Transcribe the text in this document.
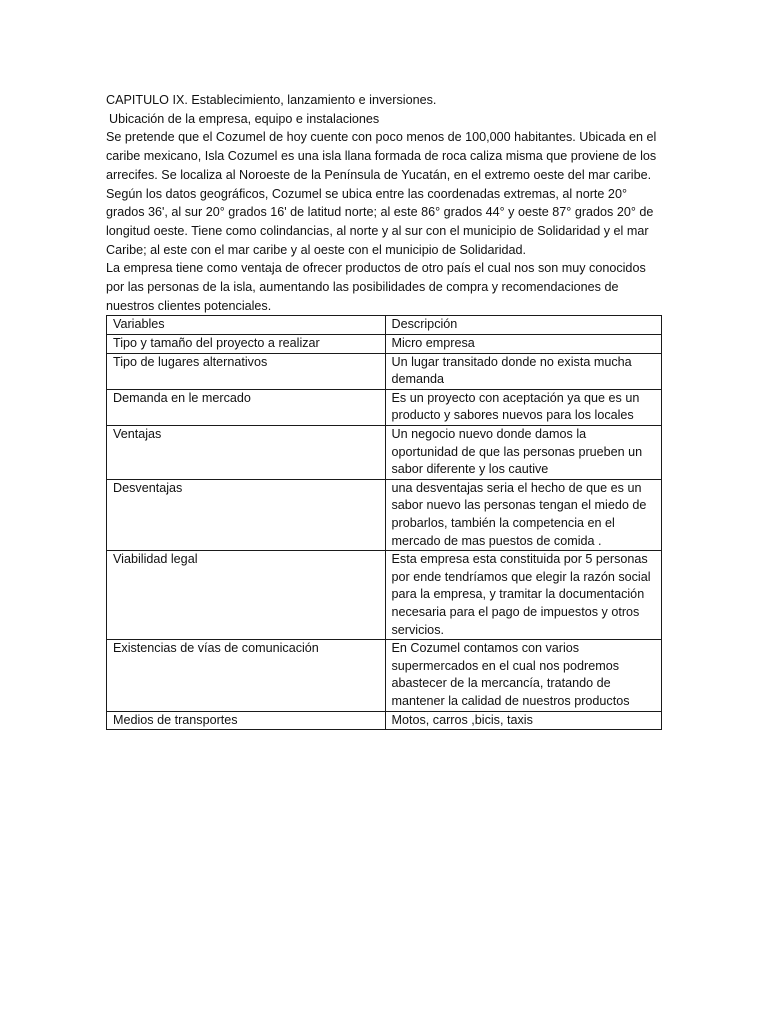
CAPITULO IX. Establecimiento, lanzamiento e inversiones.

Ubicación de la empresa, equipo e instalaciones

Se pretende que el Cozumel de hoy cuente con poco menos de 100,000 habitantes. Ubicada en el caribe mexicano, Isla Cozumel es una isla llana formada de roca caliza misma que proviene de los arrecifes. Se localiza al Noroeste de la Península de Yucatán, en el extremo oeste del mar caribe. Según los datos geográficos, Cozumel se ubica entre las coordenadas extremas, al norte 20° grados 36', al sur 20° grados 16' de latitud norte; al este 86° grados 44° y oeste 87° grados 20° de longitud oeste. Tiene como colindancias, al norte y al sur con el municipio de Solidaridad y el mar Caribe; al este con el mar caribe y al oeste con el municipio de Solidaridad.

La empresa tiene como ventaja de ofrecer productos de otro país el cual nos son muy conocidos por las personas de la isla, aumentando las posibilidades de compra y recomendaciones de nuestros clientes potenciales.

Variables	Descripción
Tipo y tamaño del proyecto a realizar	Micro empresa
Tipo de lugares alternativos	Un lugar transitado donde no exista mucha demanda
Demanda en le mercado	Es un proyecto con aceptación ya que es un producto y sabores nuevos para los locales
Ventajas	Un negocio nuevo donde damos la oportunidad de que las personas prueben un sabor diferente y los cautive
Desventajas	una desventajas seria el hecho de que es un sabor nuevo las personas tengan el miedo de probarlos, también la competencia en el mercado de mas puestos de comida .
Viabilidad legal	Esta empresa esta constituida por 5 personas por ende tendríamos que elegir la razón social para la empresa, y tramitar la documentación necesaria para el pago de impuestos y otros servicios.
Existencias de vías de comunicación	En Cozumel contamos con varios supermercados en el cual nos podremos abastecer de la mercancía, tratando de mantener la calidad de nuestros productos
Medios de transportes	Motos, carros ,bicis, taxis
